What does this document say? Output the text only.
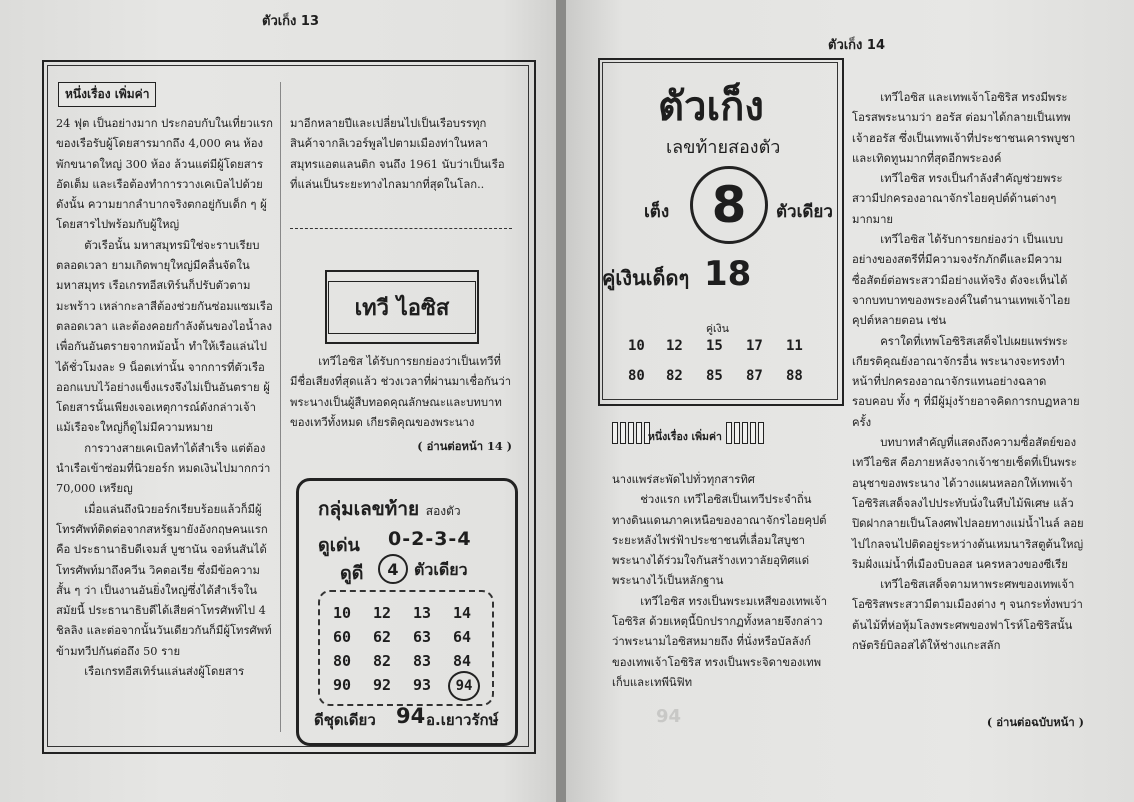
ตัวเก็ง 13
หนึ่งเรื่อง เพิ่มค่า

24 ฟุต เป็นอย่างมาก ประกอบกับในเที่ยวแรกของเรือรับผู้โดยสารมากถึง 4,000 คน ห้องพักขนาดใหญ่ 300 ห้อง ล้วนแต่มีผู้โดยสารอัดเต็ม และเรือต้องทำการวางเคเบิลไปด้วยดังนั้น ความยากลำบากจริงตกอยู่กับเด็ก ๆ ผู้โดยสารไปพร้อมกับผู้ใหญ่

ตัวเรือนั้น มหาสมุทรมิใช่จะราบเรียบตลอดเวลา ยามเกิดพายุใหญ่มีคลื่นจัดในมหาสมุทร เรือเกรทอีสเทิร์นก็ปรับตัวตามมะพร้าว เหล่ากะลาสีต้องช่วยกันซ่อมแซมเรือตลอดเวลา และต้องคอยกำลังต้นของไอน้ำลง เพื่อกันอันตรายจากหม้อน้ำ ทำให้เรือแล่นไปได้ชั่วโมงละ 9 น็อตเท่านั้น จากการที่ตัวเรือออกแบบไว้อย่างแข็งแรงจึงไม่เป็นอันตราย ผู้โดยสารนั้นเพียงเจอเหตุการณ์ดังกล่าวเจ้า แม้เรือจะใหญ่ก็ดูไม่มีความหมาย

การวางสายเคเบิลทำได้สำเร็จ แต่ต้องนำเรือเข้าซ่อมที่นิวยอร์ก หมดเงินไปมากกว่า 70,000 เหรียญ

เมื่อแล่นถึงนิวยอร์กเรียบร้อยแล้วก็มีผู้โทรศัพท์ติดต่อจากสหรัฐมายังอังกฤษคนแรกคือ ประธานาธิบดีเจมส์ บูชานัน จอห์นสันได้โทรศัพท์มาถึงควีน วิคตอเรีย ซึ่งมีข้อความสั้น ๆ ว่า เป็นงานอันยิ่งใหญ่ซึ่งได้สำเร็จในสมัยนี้ ประธานาธิบดีได้เสียค่าโทรศัพท์ไป 4 ชิลลิง และต่อจากนั้นวันเดียวกันก็มีผู้โทรศัพท์ข้ามทวีปกันต่อถึง 50 ราย

เรือเกรทอีสเทิร์นแล่นส่งผู้โดยสาร

มาอีกหลายปีและเปลี่ยนไปเป็นเรือบรรทุกสินค้าจากลิเวอร์พูลไปตามเมืองท่าในหลาสมุทรแอตแลนติก จนถึง 1961 นับว่าเป็นเรือที่แล่นเป็นระยะทางไกลมากที่สุดในโลก..
เทวี ไอซิส
เทวีไอซิส ได้รับการยกย่องว่าเป็นเทวีที่มีชื่อเสียงที่สุดแล้ว ช่วงเวลาที่ผ่านมาเชื่อกันว่าพระนางเป็นผู้สืบทอดคุณลักษณะและบทบาทของเทวีทั้งหมด เกียรติคุณของพระนาง
( อ่านต่อหน้า 14 )
กลุ่มเลขท้าย สองตัว
ดูเด่น 0-2-3-4
ดูดี	4 ตัวเดียว
10 12 13 14
60 62 63 64
80 82 83 84
90 92 93	94
ดีชุดเดียว 94 อ.เยาวรักษ์
ตัวเก็ง 14
ตัวเก็ง
เลขท้ายสองตัว
เต็ง 8	ตัวเดียว
คู่เงินเด็ดๆ 18
คู่เงิน
10 12 15 17 11
80 82 85 87 88
หนึ่งเรื่อง เพิ่มค่า

นางแพร่สะพัดไปทั่วทุกสารทิศ

ช่วงแรก เทวีไอซิสเป็นเทวีประจำถิ่นทางดินแดนภาคเหนือของอาณาจักรไอยคุปต์ ระยะหลังไพร่ฟ้าประชาชนที่เลื่อมใสบูชาพระนางได้ร่วมใจกันสร้างเทวาลัยอุทิศแด่พระนางไว้เป็นหลักฐาน

เทวีไอซิส ทรงเป็นพระมเหสีของเทพเจ้าโอซิริส ด้วยเหตุนี้บิกปรากฏทั้งหลายจึงกล่าวว่าพระนามไอซิสหมายถึง ที่นั่งหรือบัลลังก์ของเทพเจ้าโอซิริส ทรงเป็นพระจิดาของเทพเก็บและเทพีนิฟิท

94

เทวีไอซิส และเทพเจ้าโอซิริส ทรงมีพระโอรสพระนามว่า ฮอรัส ต่อมาได้กลายเป็นเทพเจ้าฮอรัส ซึ่งเป็นเทพเจ้าที่ประชาชนเคารพบูชาและเทิดทูนมากที่สุดอีกพระองค์

เทวีไอซิส ทรงเป็นกำลังสำคัญช่วยพระสวามีปกครองอาณาจักรไอยคุปต์ด้านต่างๆมากมาย

เทวีไอซิส ได้รับการยกย่องว่า เป็นแบบอย่างของสตรีที่มีความจงรักภักดีและมีความซื่อสัตย์ต่อพระสวามีอย่างแท้จริง ดังจะเห็นได้จากบทบาทของพระองค์ในตำนานเทพเจ้าไอยคุปต์หลายตอน เช่น

คราใดที่เทพโอซิริสเสด็จไปเผยแพร่พระเกียรติคุณยังอาณาจักรอื่น พระนางจะทรงทำหน้าที่ปกครองอาณาจักรแทนอย่างฉลาด รอบคอบ ทั้ง ๆ ที่มีผู้มุ่งร้ายอาจคิดการกบฏหลายครั้ง

บทบาทสำคัญที่แสดงถึงความซื่อสัตย์ของเทวีไอซิส คือภายหลังจากเจ้าชายเซ็ตที่เป็นพระอนุชาของพระนาง ได้วางแผนหลอกให้เทพเจ้าโอซิริสเสด็จลงไปประทับนั่งในหีบไม้พิเศษ แล้วปิดฝากลายเป็นโลงศพไปลอยทางแม่น้ำไนล์ ลอยไปไกลจนไปติดอยู่ระหว่างต้นเหมนาริสตูต้นใหญ่ริมฝั่งแม่น้ำที่เมืองบิบลอส นครหลวงของซีเรีย

เทวีไอซิสเสด็จตามหาพระศพของเทพเจ้าโอซิริสพระสวามีตามเมืองต่าง ๆ จนกระทั่งพบว่าต้นไม้ที่ห่อหุ้มโลงพระศพของฟาโรห์โอซิริสนั้น กษัตริย์บิลอสได้ให้ช่างแกะสลัก

( อ่านต่อฉบับหน้า )
